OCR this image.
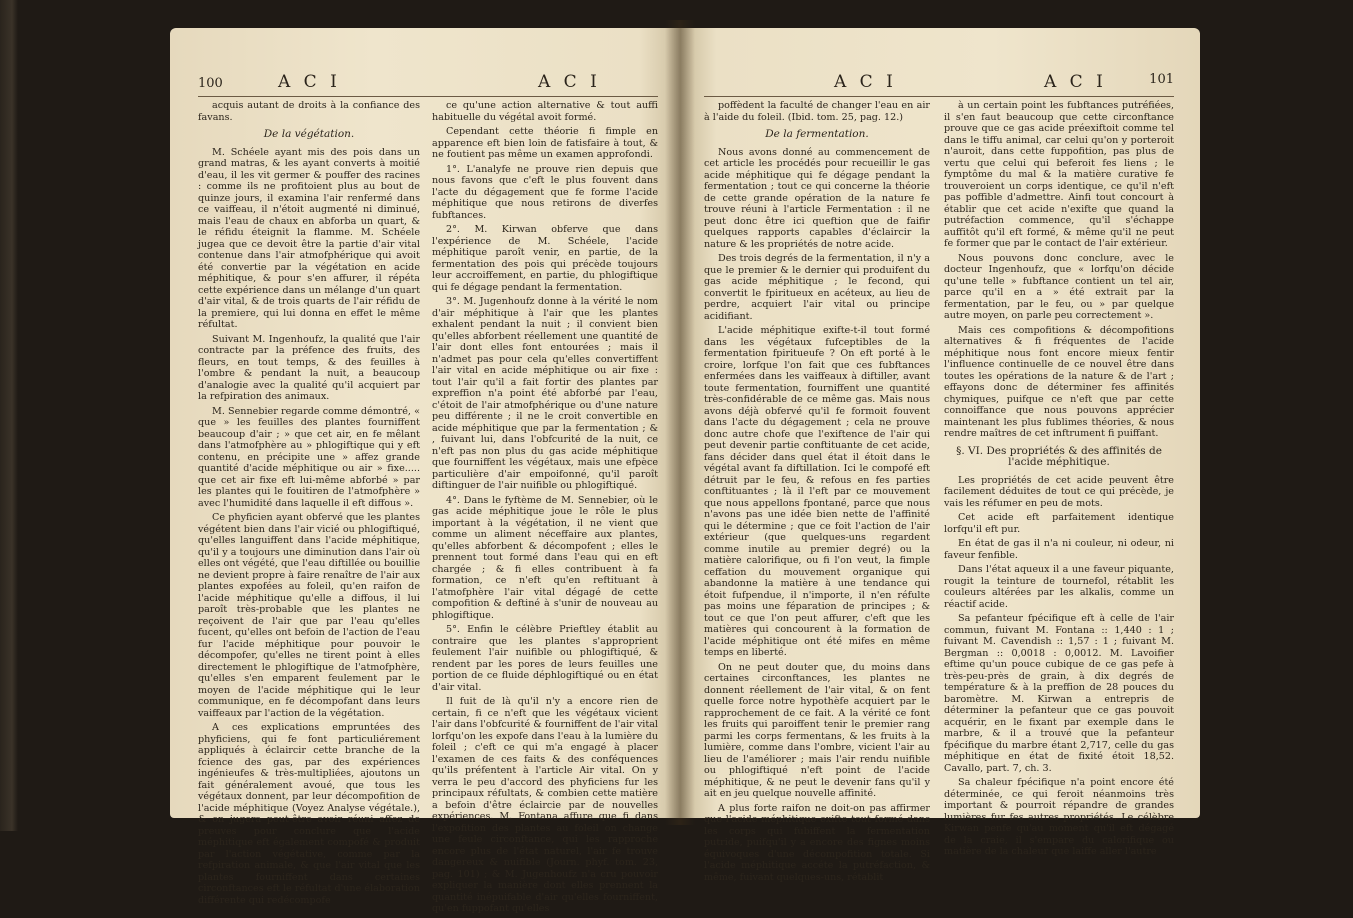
100	A C I	A C I

acquis autant de droits à la confiance des favans.

De la végétation.

M. Schéele ayant mis des pois dans un grand matras, & les ayant converts à moitié d'eau, il les vit germer & pouffer des racines : comme ils ne profitoient plus au bout de quinze jours, il examina l'air renfermé dans ce vaiffeau, il n'étoit augmenté ni diminué, mais l'eau de chaux en abforba un quart, & le réfidu éteignit la flamme. M. Schéele jugea que ce devoit être la partie d'air vital contenue dans l'air atmofphérique qui avoit été convertie par la végétation en acide méphitique, & pour s'en affurer, il répéta cette expérience dans un mélange d'un quart d'air vital, & de trois quarts de l'air réfidu de la premiere, qui lui donna en effet le même réfultat.

Suivant M. Ingenhoufz, la qualité que l'air contracte par la préfence des fruits, des fleurs, en tout temps, & des feuilles à l'ombre & pendant la nuit, a beaucoup d'analogie avec la qualité qu'il acquiert par la refpiration des animaux.

M. Sennebier regarde comme démontré, « que » les feuilles des plantes fourniffent beaucoup d'air ; » que cet air, en fe mêlant dans l'atmofphère au » phlogiftique qui y eft contenu, en précipite une » affez grande quantité d'acide méphitique ou air » fixe..... que cet air fixe eft lui-même abforbé » par les plantes qui le fouitiren de l'atmofphère » avec l'humidité dans laquelle il eft diffous ».

Ce phyficien ayant obfervé que les plantes végétent bien dans l'air vicié ou phlogiftiqué, qu'elles languiffent dans l'acide méphitique, qu'il y a toujours une diminution dans l'air où elles ont végété, que l'eau diftillée ou bouillie ne devient propre à faire renaître de l'air aux plantes expofées au foleil, qu'en raifon de l'acide méphitique qu'elle a diffous, il lui paroît très-probable que les plantes ne reçoivent de l'air que par l'eau qu'elles fucent, qu'elles ont befoin de l'action de l'eau fur l'acide méphitique pour pouvoir le décompofer, qu'elles ne tirent point à elles directement le phlogiftique de l'atmofphère, qu'elles s'en emparent feulement par le moyen de l'acide méphitique qui le leur communique, en fe décompofant dans leurs vaiffeaux par l'action de la végétation.

A ces explications empruntées des phyficiens, qui fe font particuliérement appliqués à éclaircir cette branche de la fcience des gas, par des expériences ingénieufes & très-multipliées, ajoutons un fait généralement avoué, que tous les végétaux donnent, par leur décompofition de l'acide méphitique (Voyez Analyse végétale.), & on jugera peut-être avoir réuni affez de preuves pour conclure que l'acide méphitique eft également compofé & produit par l'action végétative, comme par la refpiration animale, & que l'air vital que les plantes fourniffent dans certaines circonftances eft le réfultat d'une élaboration différente qui redécompofe

ce qu'une action alternative & tout auffi habituelle du végétal avoit formé.

Cependant cette théorie fi fimple en apparence eft bien loin de fatisfaire à tout, & ne foutient pas même un examen approfondi.

1°. L'analyfe ne prouve rien depuis que nous favons que c'eft le plus fouvent dans l'acte du dégagement que fe forme l'acide méphitique que nous retirons de diverfes fubftances.

2°. M. Kirwan obferve que dans l'expérience de M. Schéele, l'acide méphitique paroît venir, en partie, de la fermentation des pois qui précède toujours leur accroiffement, en partie, du phlogiftique qui fe dégage pendant la fermentation.

3°. M. Jugenhoufz donne à la vérité le nom d'air méphitique à l'air que les plantes exhalent pendant la nuit ; il convient bien qu'elles abforbent réellement une quantité de l'air dont elles font entourées ; mais il n'admet pas pour cela qu'elles convertiffent l'air vital en acide méphitique ou air fixe : tout l'air qu'il a fait fortir des plantes par expreffion n'a point été abforbé par l'eau, c'étoit de l'air atmofphérique ou d'une nature peu différente ; il ne le croit convertible en acide méphitique que par la fermentation ; & , fuivant lui, dans l'obfcurité de la nuit, ce n'eft pas non plus du gas acide méphitique que fourniffent les végétaux, mais une efpèce particulière d'air empoifonné, qu'il paroît diftinguer de l'air nuifible ou phlogiftiqué.

4°. Dans le fyftème de M. Sennebier, où le gas acide méphitique joue le rôle le plus important à la végétation, il ne vient que comme un aliment néceffaire aux plantes, qu'elles abforbent & décompofent ; elles le prennent tout formé dans l'eau qui en eft chargée ; & fi elles contribuent à fa formation, ce n'eft qu'en reftituant à l'atmofphère l'air vital dégagé de cette compofition & deftiné à s'unir de nouveau au phlogiftique.

5°. Enfin le célèbre Prieftley établit au contraire que les plantes s'approprient feulement l'air nuifible ou phlogiftiqué, & rendent par les pores de leurs feuilles une portion de ce fluide déphlogiftiqué ou en état d'air vital.

Il fuit de là qu'il n'y a encore rien de certain, fi ce n'eft que les végétaux vicient l'air dans l'obfcurité & fourniffent de l'air vital lorfqu'on les expofe dans l'eau à la lumière du foleil ; c'eft ce qui m'a engagé à placer l'examen de ces faits & des conféquences qu'ils préfentent à l'article Air vital. On y verra le peu d'accord des phyficiens fur les principaux réfultats, & combien cette matière a befoin d'être éclaircie par de nouvelles expériences. M. Fontana affure que fi dans l'expofition des plantes au foleil on change une feule circonftance, qui les rapproche encore plus de l'état naturel, l'air fe trouve dangereux & nuifible (Journ. phyf. tom. 23, pag. 101) ; & M. Jugenhoufz n'a cru pouvoir expliquer la manière dont elles prennent la quantité inépuifable d'air qu'elles fourniffent, qu'en fuppofant qu'elles

A C I	A C I	101

poffèdent la faculté de changer l'eau en air à l'aide du foleil. (Ibid. tom. 25, pag. 12.)

De la fermentation.

Nous avons donné au commencement de cet article les procédés pour recueillir le gas acide méphitique qui fe dégage pendant la fermentation ; tout ce qui concerne la théorie de cette grande opération de la nature fe trouve réuni à l'article Fermentation : il ne peut donc être ici queftion que de faifir quelques rapports capables d'éclaircir la nature & les propriétés de notre acide.

Des trois degrés de la fermentation, il n'y a que le premier & le dernier qui produifent du gas acide méphitique ; le fecond, qui convertit le fpiritueux en acéteux, au lieu de perdre, acquiert l'air vital ou principe acidifiant.

L'acide méphitique exifte-t-il tout formé dans les végétaux fufceptibles de la fermentation fpiritueufe ? On eft porté à le croire, lorfque l'on fait que ces fubftances enfermées dans les vaiffeaux à diftiller, avant toute fermentation, fourniffent une quantité très-confidérable de ce même gas. Mais nous avons déjà obfervé qu'il fe formoit fouvent dans l'acte du dégagement ; cela ne prouve donc autre chofe que l'exiftence de l'air qui peut devenir partie conftituante de cet acide, fans décider dans quel état il étoit dans le végétal avant fa diftillation. Ici le compofé eft détruit par le feu, & refous en fes parties conftituantes ; là il l'eft par ce mouvement que nous appellons fpontané, parce que nous n'avons pas une idée bien nette de l'affinité qui le détermine ; que ce foit l'action de l'air extérieur (que quelques-uns regardent comme inutile au premier degré) ou la matière calorifique, ou fi l'on veut, la fimple ceffation du mouvement organique qui abandonne la matière à une tendance qui étoit fufpendue, il n'importe, il n'en réfulte pas moins une féparation de principes ; & tout ce que l'on peut affurer, c'eft que les matières qui concourent à la formation de l'acide méphitique ont été mifes en même temps en liberté.

On ne peut douter que, du moins dans certaines circonftances, les plantes ne donnent réellement de l'air vital, & on fent quelle force notre hypothèfe acquiert par le rapprochement de ce fait. A la vérité ce font les fruits qui paroiffent tenir le premier rang parmi les corps fermentans, & les fruits à la lumière, comme dans l'ombre, vicient l'air au lieu de l'améliorer ; mais l'air rendu nuifible ou phlogiftiqué n'eft point de l'acide méphitique, & ne peut le devenir fans qu'il y ait en jeu quelque nouvelle affinité.

A plus forte raifon ne doit-on pas affirmer que l'acide méphitique exifte tout formé dans les corps qui fubiffent la fermentation putride, puifqu'il y a encore des fignes moins équivoques d'une décompofition totale. Si l'acide méphitique accéte la putréfaction, & même, fuivant quelques-uns, rétablit

à un certain point les fubftances putréfiées, il s'en faut beaucoup que cette circonftance prouve que ce gas acide préexiftoit comme tel dans le tiffu animal, car celui qu'on y porteroit n'auroit, dans cette fuppofition, pas plus de vertu que celui qui beferoit fes liens ; le fymptôme du mal & la matière curative fe trouveroient un corps identique, ce qu'il n'eft pas poffible d'admettre. Ainfi tout concourt à établir que cet acide n'exifte que quand la putréfaction commence, qu'il s'échappe auffitôt qu'il eft formé, & même qu'il ne peut fe former que par le contact de l'air extérieur.

Nous pouvons donc conclure, avec le docteur Ingenhoufz, que « lorfqu'on décide qu'une telle » fubftance contient un tel air, parce qu'il en a » été extrait par la fermentation, par le feu, ou » par quelque autre moyen, on parle peu correctement ».

Mais ces compofitions & décompofitions alternatives & fi fréquentes de l'acide méphitique nous font encore mieux fentir l'influence continuelle de ce nouvel être dans toutes les opérations de la nature & de l'art ; effayons donc de déterminer fes affinités chymiques, puifque ce n'eft que par cette connoiffance que nous pouvons apprécier maintenant les plus fublimes théories, & nous rendre maîtres de cet inftrument fi puiffant.

§. VI. Des propriétés & des affinités de l'acide méphitique.

Les propriétés de cet acide peuvent être facilement déduites de tout ce qui précède, je vais les réfumer en peu de mots.

Cet acide eft parfaitement identique lorfqu'il eft pur.

En état de gas il n'a ni couleur, ni odeur, ni faveur fenfible.

Dans l'état aqueux il a une faveur piquante, rougit la teinture de tournefol, rétablit les couleurs altérées par les alkalis, comme un réactif acide.

Sa pefanteur fpécifique eft à celle de l'air commun, fuivant M. Fontana :: 1,440 : 1 ; fuivant M. Cavendish :: 1,57 : 1 ; fuivant M. Bergman :: 0,0018 : 0,0012. M. Lavoifier eftime qu'un pouce cubique de ce gas pefe à très-peu-près de grain, à dix degrés de température & à la preffion de 28 pouces du baromètre. M. Kirwan a entrepris de déterminer la pefanteur que ce gas pouvoit acquérir, en le fixant par exemple dans le marbre, & il a trouvé que la pefanteur fpécifique du marbre étant 2,717, celle du gas méphitique en état de fixité étoit 18,52. Cavallo, part. 7, ch. 3.

Sa chaleur fpécifique n'a point encore été déterminée, ce qui feroit néanmoins très important & pourroit répandre de grandes lumières fur fes autres propriétés. Le célèbre Kirwan penfe qu'au moment qu'il eft dégagé de la craie, il s'empare du calorifique ou matière de la chaleur que laiffe aller l'autre
